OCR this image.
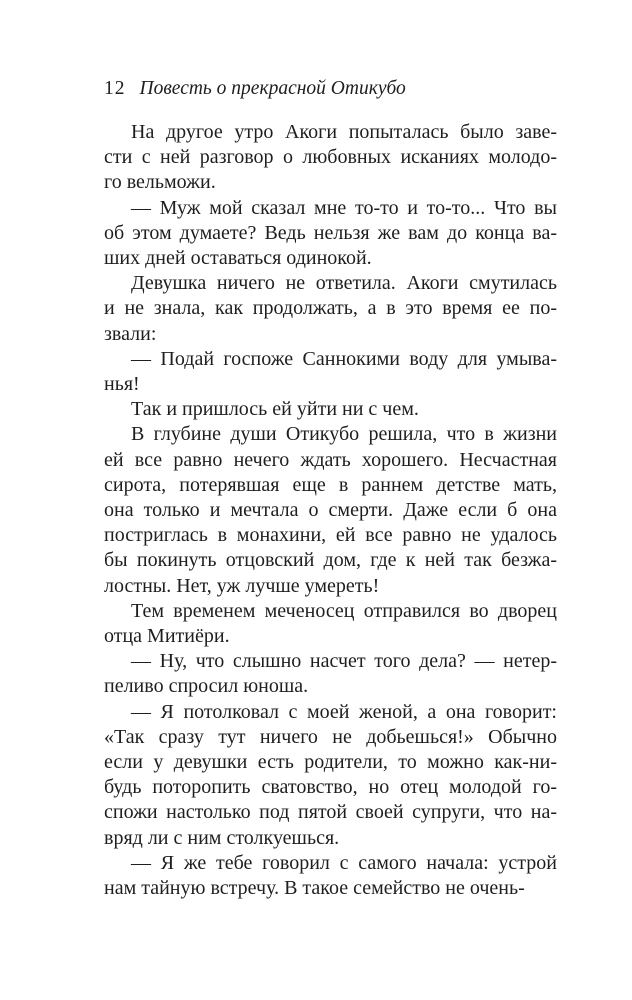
12 Повесть о прекрасной Отикубо
На другое утро Акоги попыталась было заве-
сти с ней разговор о любовных исканиях молодо-
го вельможи.
— Муж мой сказал мне то-то и то-то... Что вы
об этом думаете? Ведь нельзя же вам до конца ва-
ших дней оставаться одинокой.
Девушка ничего не ответила. Акоги смутилась
и не знала, как продолжать, а в это время ее по-
звали:
— Подай госпоже Саннокими воду для умыва-
нья!
Так и пришлось ей уйти ни с чем.
В глубине души Отикубо решила, что в жизни
ей все равно нечего ждать хорошего. Несчастная
сирота, потерявшая еще в раннем детстве мать,
она только и мечтала о смерти. Даже если б она
постриглась в монахини, ей все равно не удалось
бы покинуть отцовский дом, где к ней так безжа-
лостны. Нет, уж лучше умереть!
Тем временем меченосец отправился во дворец
отца Митиёри.
— Ну, что слышно насчет того дела? — нетер-
пеливо спросил юноша.
— Я потолковал с моей женой, а она говорит:
«Так сразу тут ничего не добьешься!» Обычно
если у девушки есть родители, то можно как-ни-
будь поторопить сватовство, но отец молодой го-
спожи настолько под пятой своей супруги, что на-
вряд ли с ним столкуешься.
— Я же тебе говорил с самого начала: устрой
нам тайную встречу. В такое семейство не очень-
